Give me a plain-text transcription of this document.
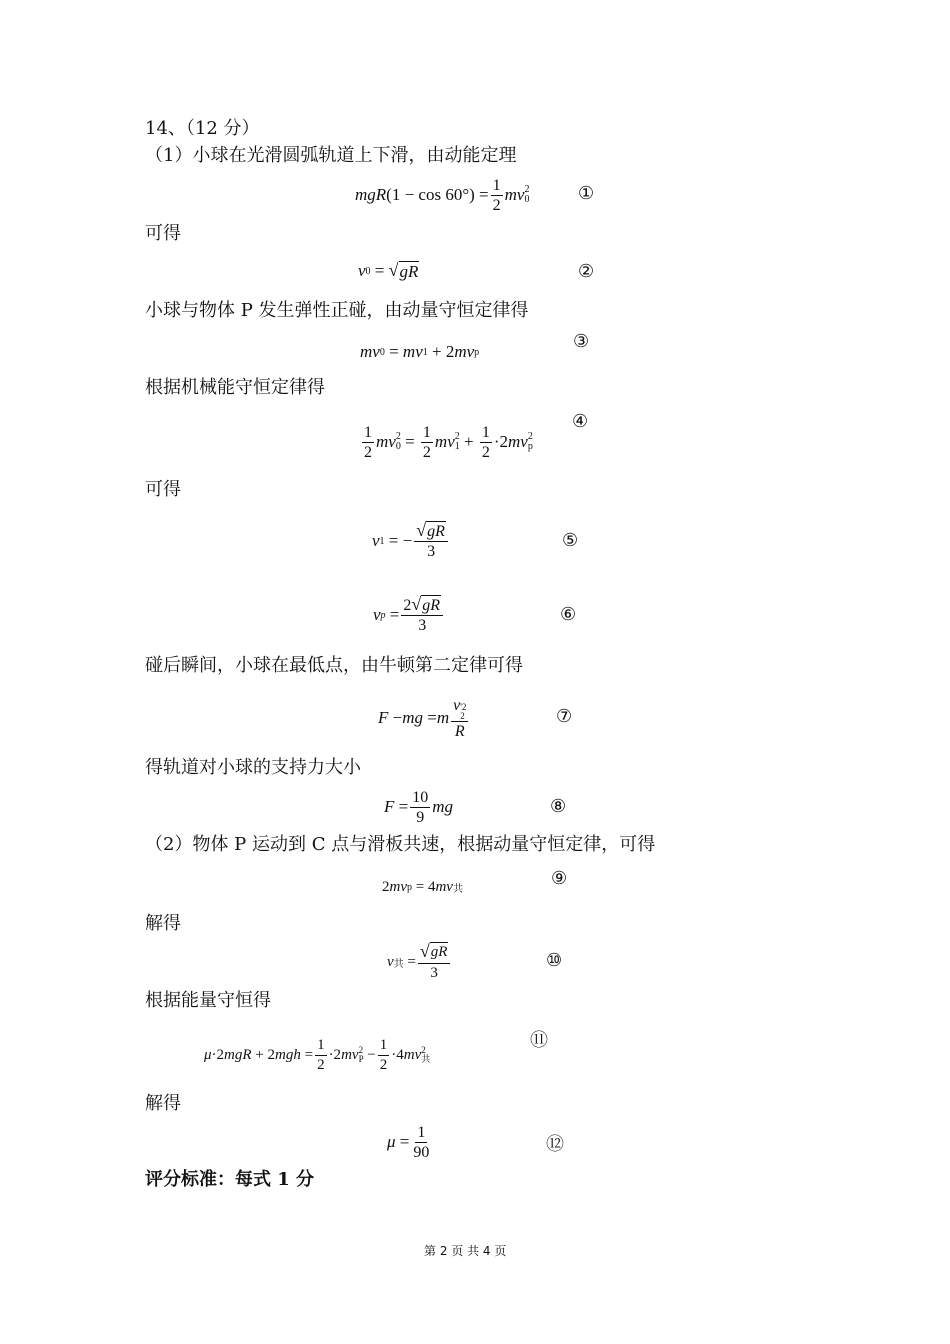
14、（12 分）
（1）小球在光滑圆弧轨道上下滑，由动能定理
mgR $(1 - \cos 60^\circ) = \frac{1}{2}$ mv 2
0	①
可得
v 0 = √ gR	②
小球与物体 P 发生弹性正碰，由动量守恒定律得
mv 0 = mv 1 + 2 mv p	③
根据机械能守恒定律得
$\frac{1}{2}$ mv 2
$0 = \frac{1}{2}$ mv 2
$1 + \frac{1}{2} \cdot 2$ mv 2
p
④
可得
v 1 = − $\frac{√ gR}{3}$	⑤
v $p = \frac{2 √ gR}{3}$	⑥
碰后瞬间，小球在最低点，由牛顿第二定律可得
F − mg = m v '2
2
R	⑦
得轨道对小球的支持力大小
$F = \frac{10}{9}$ mg	⑧
（2）物体 P 运动到 C 点与滑板共速，根据动量守恒定律，可得
2 mv p = 4 mv 共	⑨
解得
v 共 = $\frac{√ gR}{3}$	⑩
根据能量守恒得
μ ·2 mgR + 2 mgh = $\frac{1}{2} \cdot 2$ mv 2
$P - \frac{1}{2} \cdot 4$ mv 2
共
⑪
解得
$\mu = \frac{1}{90}$	⑫
评分标准：每式 1 分
第 2 页 共 4 页
